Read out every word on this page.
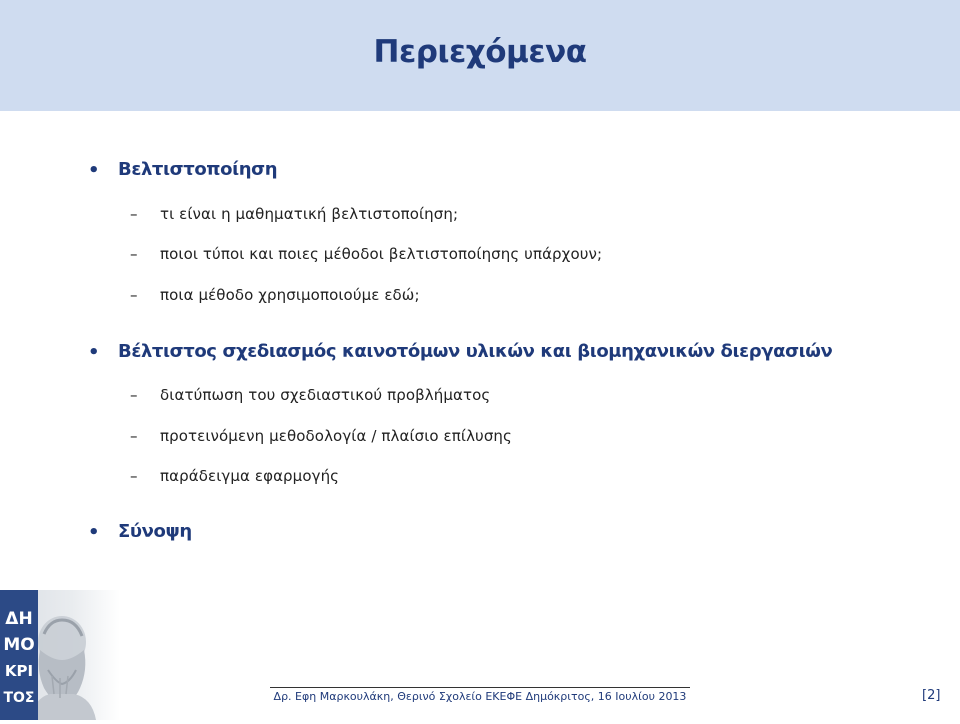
Περιεχόμενα
• Βελτιστοποίηση
– τι είναι η μαθηματική βελτιστοποίηση;
– ποιοι τύποι και ποιες μέθοδοι βελτιστοποίησης υπάρχουν;
– ποια μέθοδο χρησιμοποιούμε εδώ;
• Βέλτιστος σχεδιασμός καινοτόμων υλικών και βιομηχανικών διεργασιών
– διατύπωση του σχεδιαστικού προβλήματος
– προτεινόμενη μεθοδολογία / πλαίσιο επίλυσης
– παράδειγμα εφαρμογής
• Σύνοψη
ΔΗ
ΜΟ
ΚΡΙ
ΤΟΣ	Δρ. Εφη Μαρκουλάκη, Θερινό Σχολείο ΕΚΕΦΕ Δημόκριτος, 16 Ιουλίου 2013	[2]
